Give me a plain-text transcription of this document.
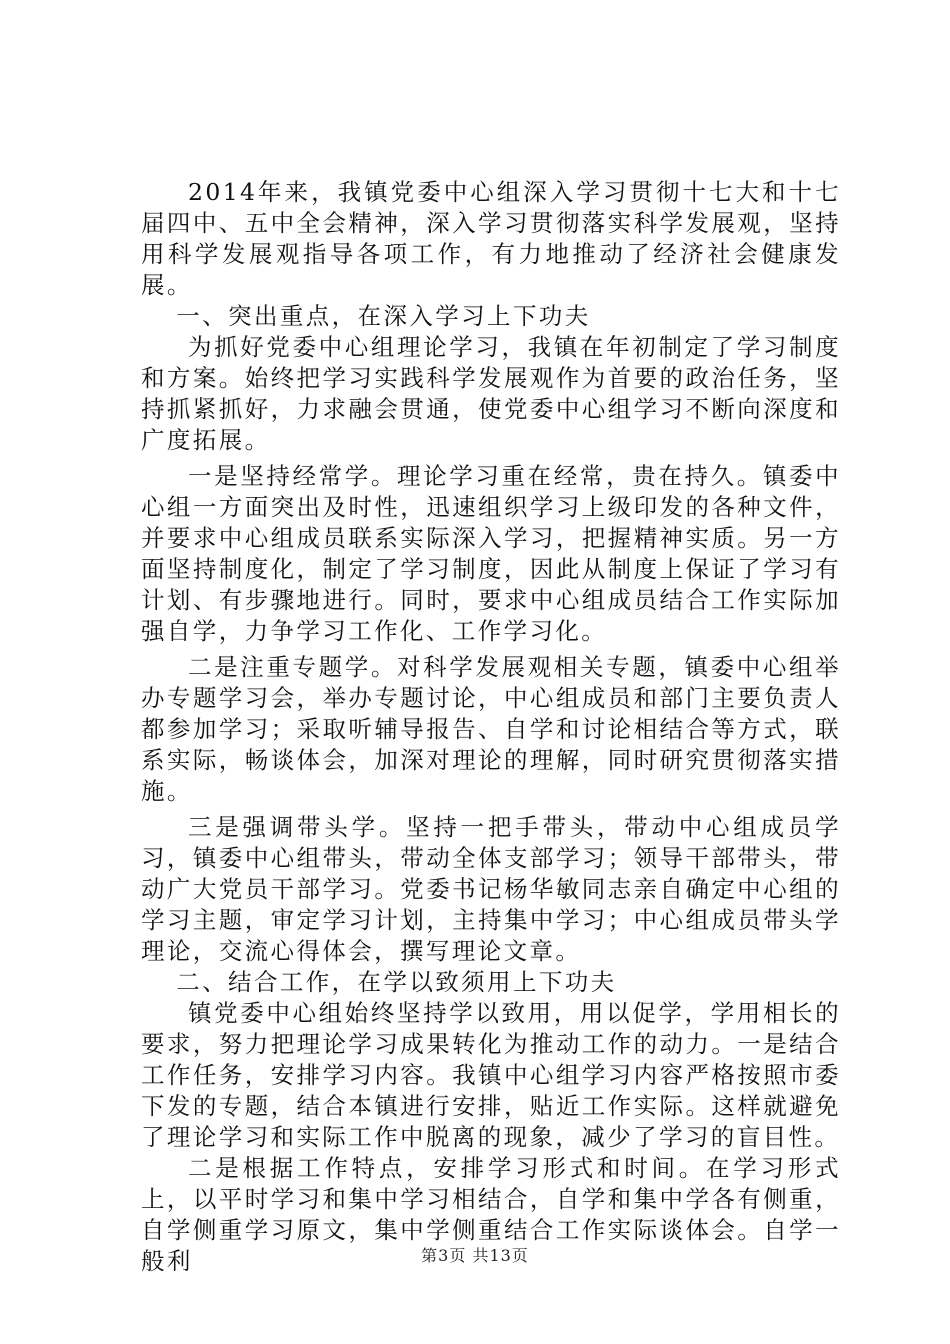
2014年来，我镇党委中心组深入学习贯彻十七大和十七届四中、五中全会精神，深入学习贯彻落实科学发展观，坚持用科学发展观指导各项工作，有力地推动了经济社会健康发展。

一、突出重点，在深入学习上下功夫

为抓好党委中心组理论学习，我镇在年初制定了学习制度和方案。始终把学习实践科学发展观作为首要的政治任务，坚持抓紧抓好，力求融会贯通，使党委中心组学习不断向深度和广度拓展。

一是坚持经常学。理论学习重在经常，贵在持久。镇委中心组一方面突出及时性，迅速组织学习上级印发的各种文件，并要求中心组成员联系实际深入学习，把握精神实质。另一方面坚持制度化，制定了学习制度，因此从制度上保证了学习有计划、有步骤地进行。同时，要求中心组成员结合工作实际加强自学，力争学习工作化、工作学习化。

二是注重专题学。对科学发展观相关专题，镇委中心组举办专题学习会，举办专题讨论，中心组成员和部门主要负责人都参加学习；采取听辅导报告、自学和讨论相结合等方式，联系实际，畅谈体会，加深对理论的理解，同时研究贯彻落实措施。

三是强调带头学。坚持一把手带头，带动中心组成员学习，镇委中心组带头，带动全体支部学习；领导干部带头，带动广大党员干部学习。党委书记杨华敏同志亲自确定中心组的学习主题，审定学习计划，主持集中学习；中心组成员带头学理论，交流心得体会，撰写理论文章。

二、结合工作，在学以致须用上下功夫

镇党委中心组始终坚持学以致用，用以促学，学用相长的要求，努力把理论学习成果转化为推动工作的动力。一是结合工作任务，安排学习内容。我镇中心组学习内容严格按照市委下发的专题，结合本镇进行安排，贴近工作实际。这样就避免了理论学习和实际工作中脱离的现象，减少了学习的盲目性。

二是根据工作特点，安排学习形式和时间。在学习形式上，以平时学习和集中学习相结合，自学和集中学各有侧重，自学侧重学习原文，集中学侧重结合工作实际谈体会。自学一般利	第3页 共13页
